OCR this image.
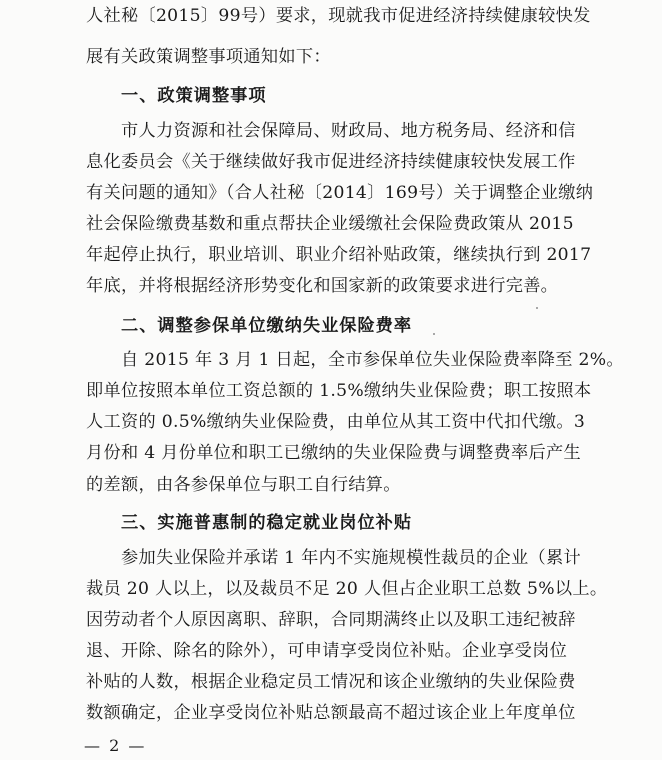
人社秘〔2015〕99号）要求，现就我市促进经济持续健康较快发
展有关政策调整事项通知如下：
一、政策调整事项
市人力资源和社会保障局、财政局、地方税务局、经济和信
息化委员会《关于继续做好我市促进经济持续健康较快发展工作
有关问题的通知》（合人社秘〔2014〕169号）关于调整企业缴纳
社会保险缴费基数和重点帮扶企业缓缴社会保险费政策从 2015
年起停止执行，职业培训、职业介绍补贴政策，继续执行到 2017
年底，并将根据经济形势变化和国家新的政策要求进行完善。
二、调整参保单位缴纳失业保险费率
自 2015 年 3 月 1 日起，全市参保单位失业保险费率降至 2%。
即单位按照本单位工资总额的 1.5%缴纳失业保险费；职工按照本
人工资的 0.5%缴纳失业保险费，由单位从其工资中代扣代缴。3
月份和 4 月份单位和职工已缴纳的失业保险费与调整费率后产生
的差额，由各参保单位与职工自行结算。
三、实施普惠制的稳定就业岗位补贴
参加失业保险并承诺 1 年内不实施规模性裁员的企业（累计
裁员 20 人以上，以及裁员不足 20 人但占企业职工总数 5%以上。
因劳动者个人原因离职、辞职，合同期满终止以及职工违纪被辞
退、开除、除名的除外），可申请享受岗位补贴。企业享受岗位
补贴的人数，根据企业稳定员工情况和该企业缴纳的失业保险费
数额确定，企业享受岗位补贴总额最高不超过该企业上年度单位
— 2 —
